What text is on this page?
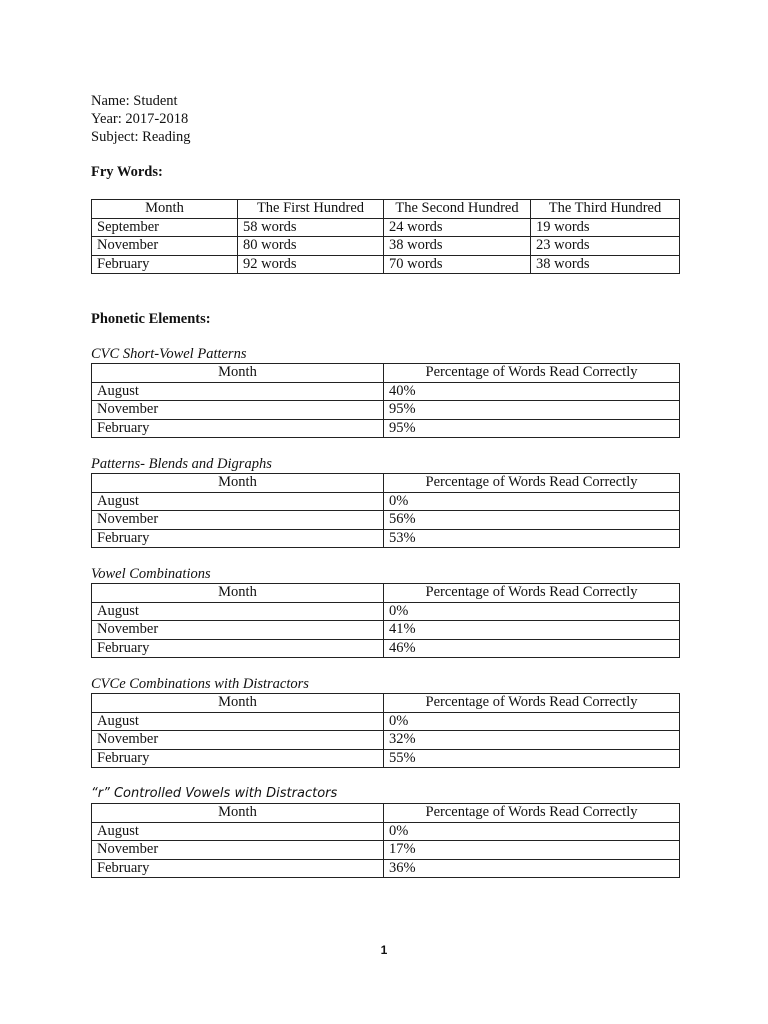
Name: Student
Year: 2017-2018
Subject: Reading
Fry Words:
Month	The First Hundred	The Second Hundred	The Third Hundred
September	58 words	24 words	19 words
November	80 words	38 words	23 words
February	92 words	70 words	38 words
Phonetic Elements:
CVC Short-Vowel Patterns
Month	Percentage of Words Read Correctly
August	40%
November	95%
February	95%
Patterns- Blends and Digraphs
Month	Percentage of Words Read Correctly
August	0%
November	56%
February	53%
Vowel Combinations
Month	Percentage of Words Read Correctly
August	0%
November	41%
February	46%
CVCe Combinations with Distractors
Month	Percentage of Words Read Correctly
August	0%
November	32%
February	55%
“r” Controlled Vowels with Distractors
Month	Percentage of Words Read Correctly
August	0%
November	17%
February	36%
1
